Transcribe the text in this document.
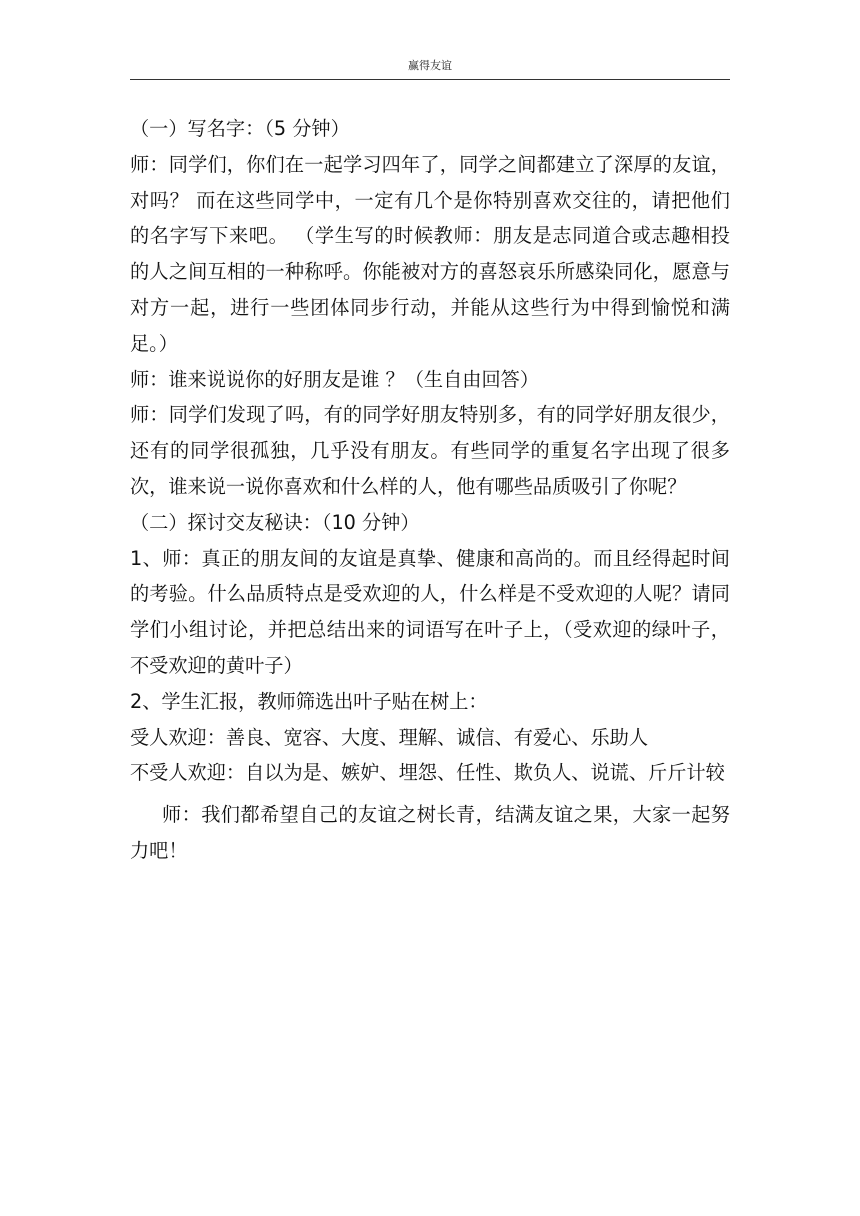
赢得友谊

（一）写名字：（5 分钟）

师：同学们，你们在一起学习四年了，同学之间都建立了深厚的友谊，对吗？ 而在这些同学中，一定有几个是你特别喜欢交往的，请把他们的名字写下来吧。 （学生写的时候教师：朋友是志同道合或志趣相投的人之间互相的一种称呼。你能被对方的喜怒哀乐所感染同化，愿意与对方一起，进行一些团体同步行动，并能从这些行为中得到愉悦和满足。）

师：谁来说说你的好朋友是谁 ？（生自由回答）

师：同学们发现了吗，有的同学好朋友特别多，有的同学好朋友很少，还有的同学很孤独，几乎没有朋友。有些同学的重复名字出现了很多次，谁来说一说你喜欢和什么样的人，他有哪些品质吸引了你呢？

（二）探讨交友秘诀：（10 分钟）

1、师：真正的朋友间的友谊是真挚、健康和高尚的。而且经得起时间的考验。什么品质特点是受欢迎的人，什么样是不受欢迎的人呢？请同学们小组讨论，并把总结出来的词语写在叶子上，（受欢迎的绿叶子，不受欢迎的黄叶子）

2、学生汇报，教师筛选出叶子贴在树上：

受人欢迎：善良、宽容、大度、理解、诚信、有爱心、乐助人

不受人欢迎：自以为是、嫉妒、埋怨、任性、欺负人、说谎、斤斤计较

师：我们都希望自己的友谊之树长青，结满友谊之果，大家一起努力吧！
